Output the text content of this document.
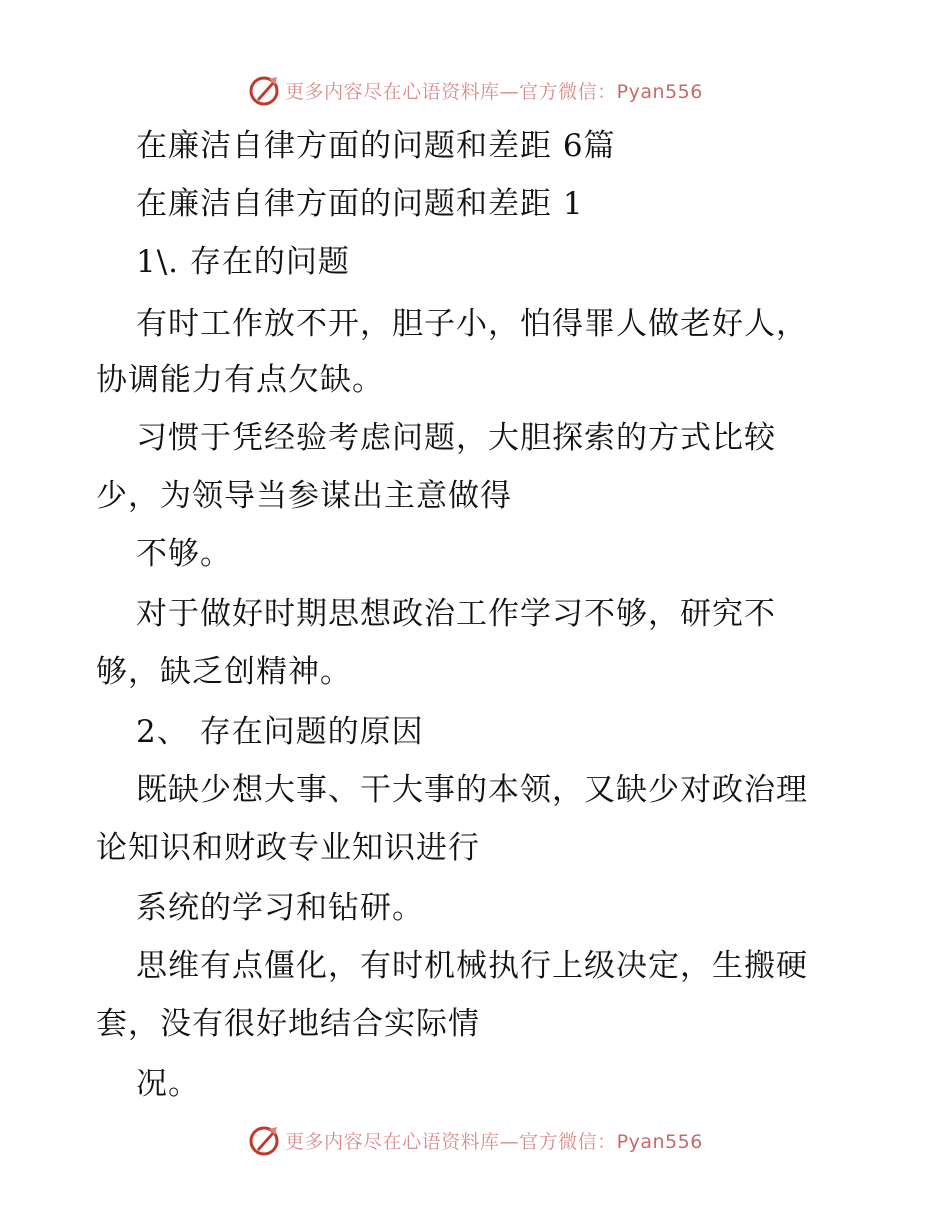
更多内容尽在心语资料库—官方微信：Pyan556
在廉洁自律方面的问题和差距 6篇
在廉洁自律方面的问题和差距 1
1\. 存在的问题
有时工作放不开，胆子小，怕得罪人做老好人，
协调能力有点欠缺。
习惯于凭经验考虑问题，大胆探索的方式比较
少，为领导当参谋出主意做得
不够。
对于做好时期思想政治工作学习不够，研究不
够，缺乏创精神。
2、 存在问题的原因
既缺少想大事、干大事的本领，又缺少对政治理
论知识和财政专业知识进行
系统的学习和钻研。
思维有点僵化，有时机械执行上级决定，生搬硬
套，没有很好地结合实际情
况。
更多内容尽在心语资料库—官方微信：Pyan556
